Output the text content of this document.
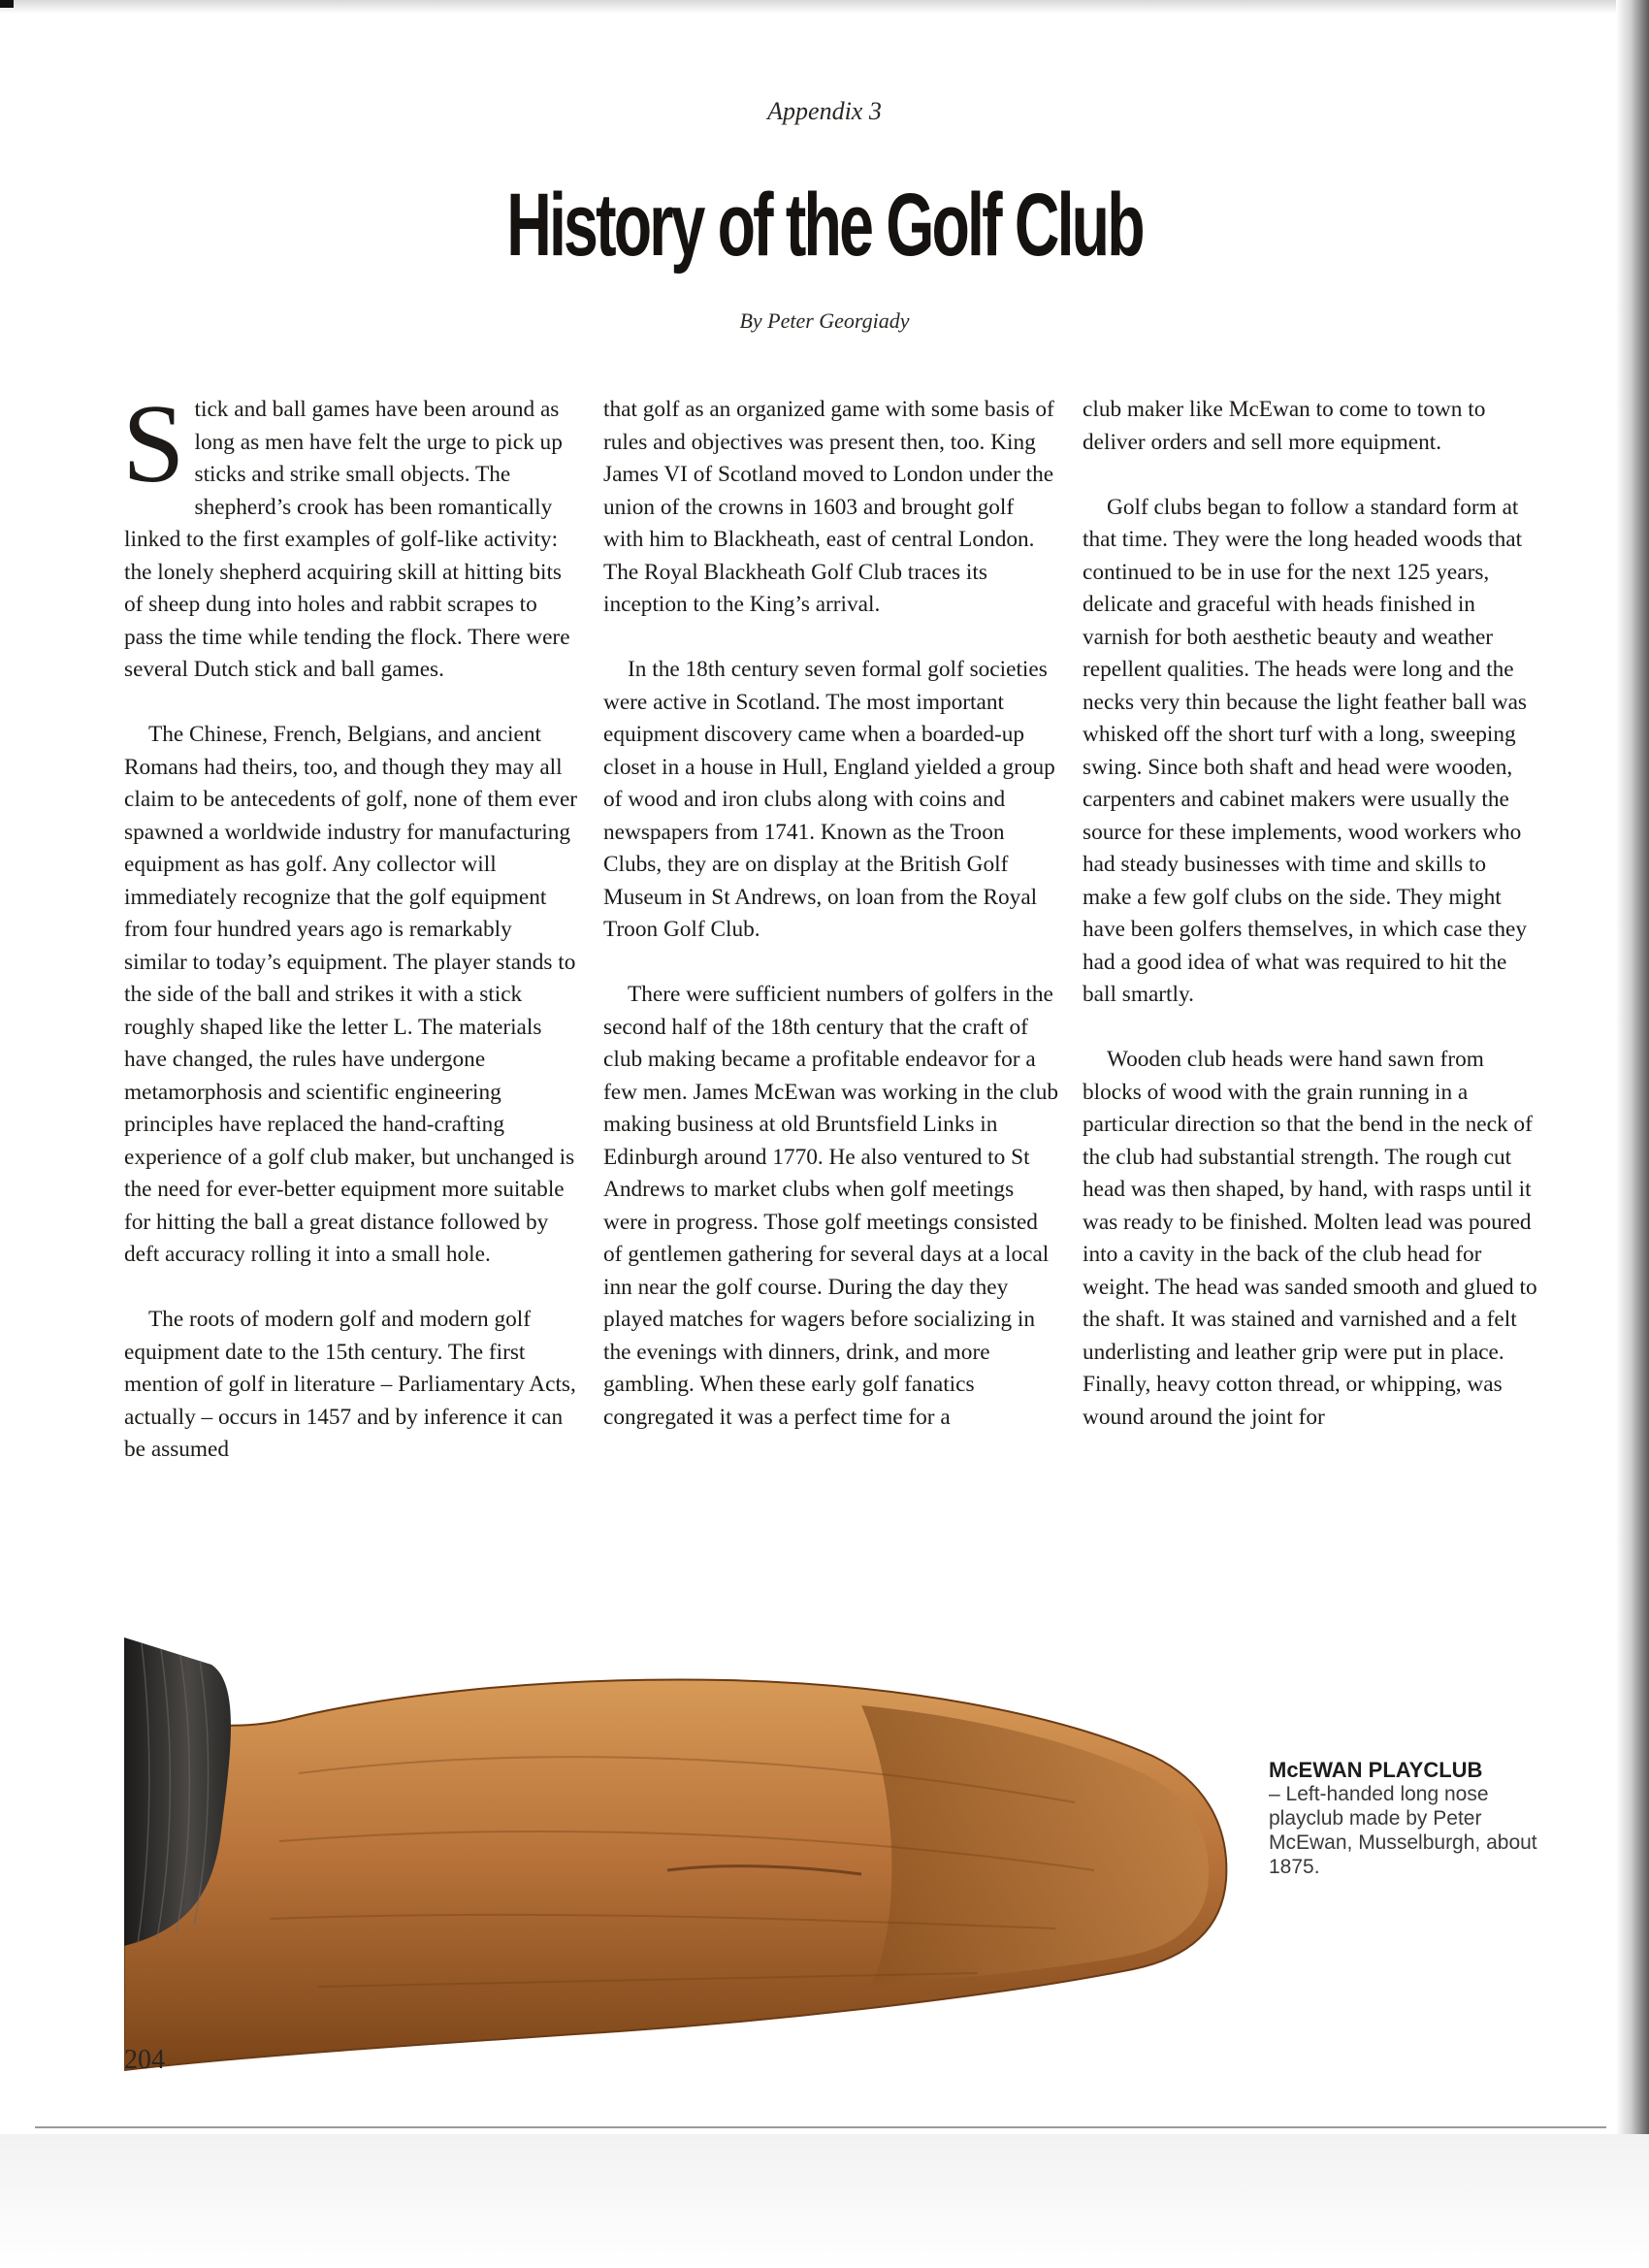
Appendix 3
History of the Golf Club
By Peter Georgiady

Stick and ball games have been around as long as men have felt the urge to pick up sticks and strike small objects. The shepherd’s crook has been romantically linked to the first examples of golf-like activity: the lonely shepherd acquiring skill at hitting bits of sheep dung into holes and rabbit scrapes to pass the time while tending the flock. There were several Dutch stick and ball games.

The Chinese, French, Belgians, and ancient Romans had theirs, too, and though they may all claim to be antecedents of golf, none of them ever spawned a worldwide industry for manufacturing equipment as has golf. Any collector will immediately recognize that the golf equipment from four hundred years ago is remarkably similar to today’s equipment. The player stands to the side of the ball and strikes it with a stick roughly shaped like the letter L. The materials have changed, the rules have undergone metamorphosis and scientific engineering principles have replaced the hand-crafting experience of a golf club maker, but unchanged is the need for ever-better equipment more suitable for hitting the ball a great distance followed by deft accuracy rolling it into a small hole.

The roots of modern golf and modern golf equipment date to the 15th century. The first mention of golf in literature – Parliamentary Acts, actually – occurs in 1457 and by inference it can be assumed

that golf as an organized game with some basis of rules and objectives was present then, too. King James VI of Scotland moved to London under the union of the crowns in 1603 and brought golf with him to Blackheath, east of central London. The Royal Blackheath Golf Club traces its inception to the King’s arrival.

In the 18th century seven formal golf societies were active in Scotland. The most important equipment discovery came when a boarded-up closet in a house in Hull, England yielded a group of wood and iron clubs along with coins and newspapers from 1741. Known as the Troon Clubs, they are on display at the British Golf Museum in St Andrews, on loan from the Royal Troon Golf Club.

There were sufficient numbers of golfers in the second half of the 18th century that the craft of club making became a profitable endeavor for a few men. James McEwan was working in the club making business at old Bruntsfield Links in Edinburgh around 1770. He also ventured to St Andrews to market clubs when golf meetings were in progress. Those golf meetings consisted of gentlemen gathering for several days at a local inn near the golf course. During the day they played matches for wagers before socializing in the evenings with dinners, drink, and more gambling. When these early golf fanatics congregated it was a perfect time for a

club maker like McEwan to come to town to deliver orders and sell more equipment.

Golf clubs began to follow a standard form at that time. They were the long headed woods that continued to be in use for the next 125 years, delicate and graceful with heads finished in varnish for both aesthetic beauty and weather repellent qualities. The heads were long and the necks very thin because the light feather ball was whisked off the short turf with a long, sweeping swing. Since both shaft and head were wooden, carpenters and cabinet makers were usually the source for these implements, wood workers who had steady businesses with time and skills to make a few golf clubs on the side. They might have been golfers themselves, in which case they had a good idea of what was required to hit the ball smartly.

Wooden club heads were hand sawn from blocks of wood with the grain running in a particular direction so that the bend in the neck of the club had substantial strength. The rough cut head was then shaped, by hand, with rasps until it was ready to be finished. Molten lead was poured into a cavity in the back of the club head for weight. The head was sanded smooth and glued to the shaft. It was stained and varnished and a felt underlisting and leather grip were put in place. Finally, heavy cotton thread, or whipping, was wound around the joint for

McEWAN PLAYCLUB
– Left-handed long nose playclub made by Peter McEwan, Musselburgh, about 1875.
204
